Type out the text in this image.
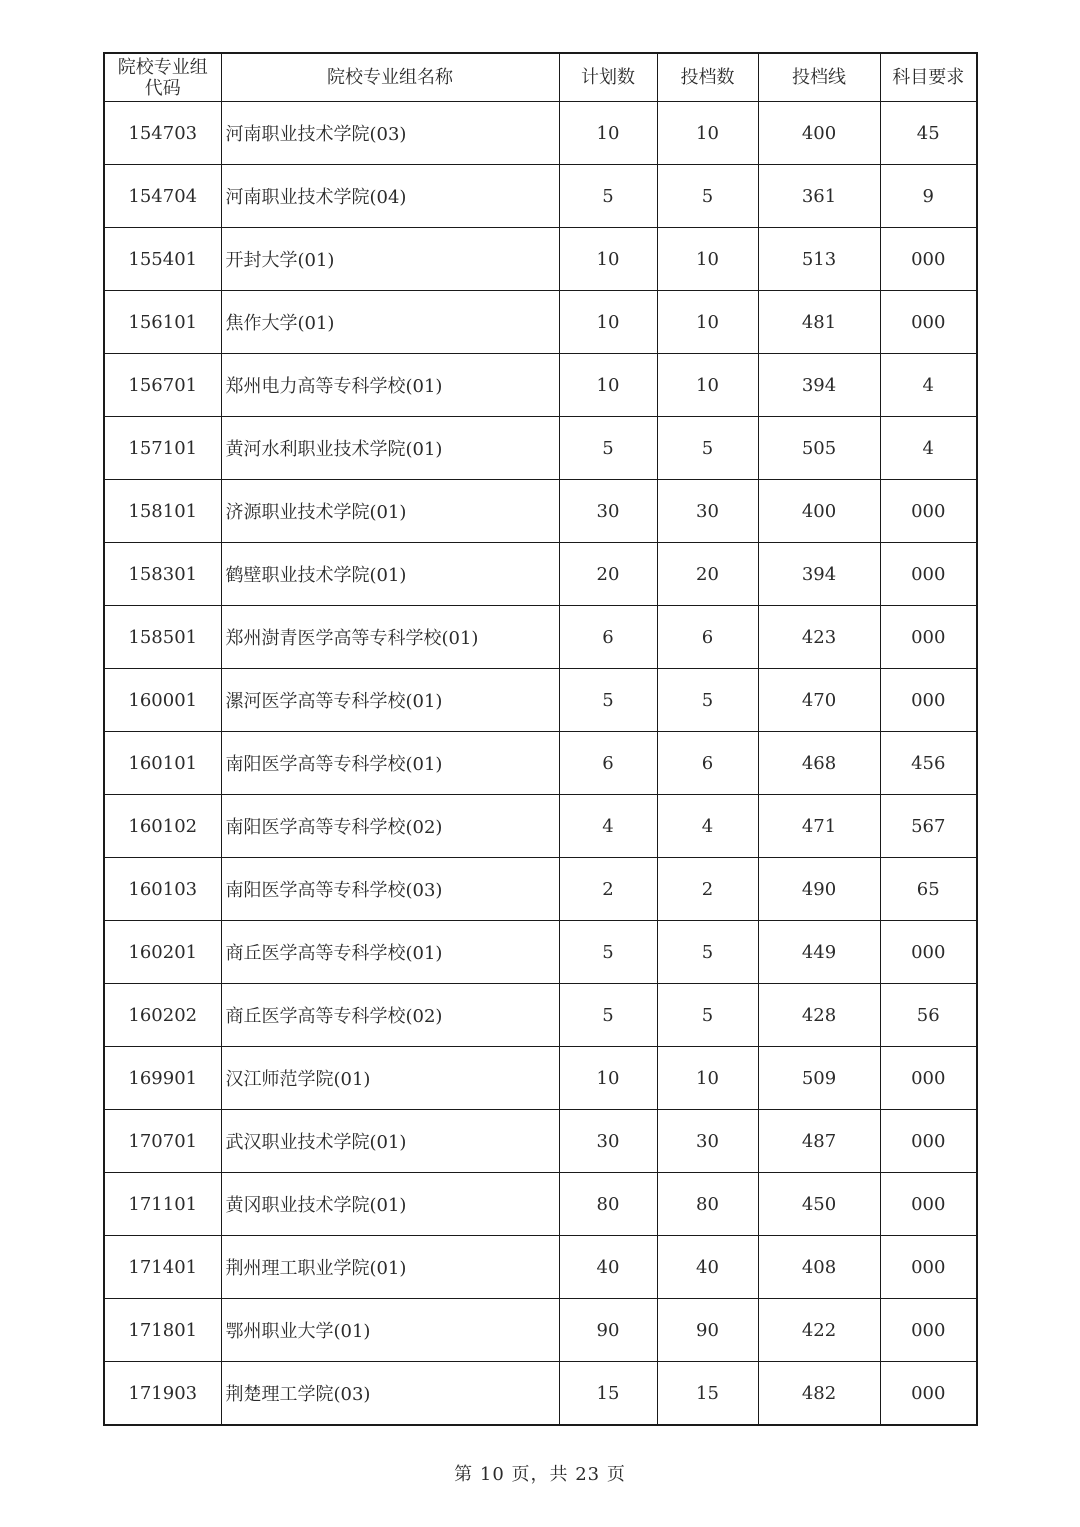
院校专业组
代码	院校专业组名称	计划数	投档数	投档线	科目要求
154703	河南职业技术学院(03)	10	10	400	45
154704	河南职业技术学院(04)	5	5	361	9
155401	开封大学(01)	10	10	513	000
156101	焦作大学(01)	10	10	481	000
156701	郑州电力高等专科学校(01)	10	10	394	4
157101	黄河水利职业技术学院(01)	5	5	505	4
158101	济源职业技术学院(01)	30	30	400	000
158301	鹤壁职业技术学院(01)	20	20	394	000
158501	郑州澍青医学高等专科学校(01)	6	6	423	000
160001	漯河医学高等专科学校(01)	5	5	470	000
160101	南阳医学高等专科学校(01)	6	6	468	456
160102	南阳医学高等专科学校(02)	4	4	471	567
160103	南阳医学高等专科学校(03)	2	2	490	65
160201	商丘医学高等专科学校(01)	5	5	449	000
160202	商丘医学高等专科学校(02)	5	5	428	56
169901	汉江师范学院(01)	10	10	509	000
170701	武汉职业技术学院(01)	30	30	487	000
171101	黄冈职业技术学院(01)	80	80	450	000
171401	荆州理工职业学院(01)	40	40	408	000
171801	鄂州职业大学(01)	90	90	422	000
171903	荆楚理工学院(03)	15	15	482	000
第 10 页，共 23 页
